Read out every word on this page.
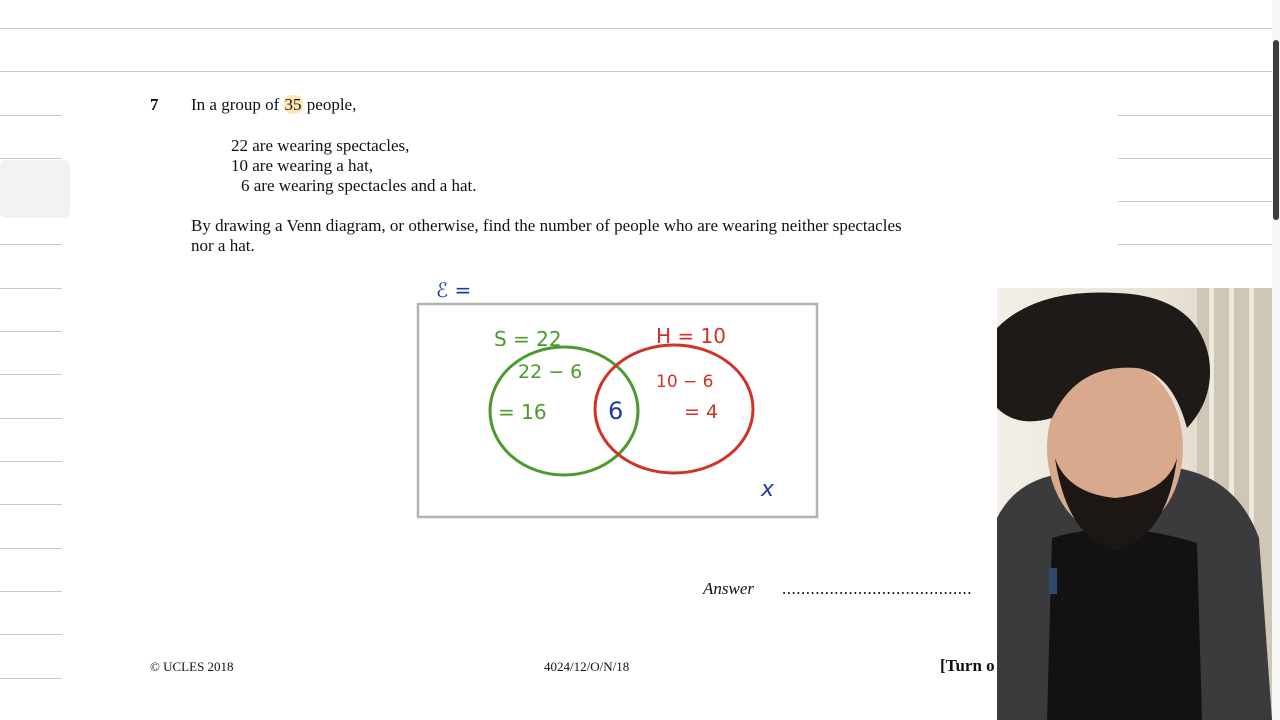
7 In a group of 35 people,
22 are wearing spectacles,
10 are wearing a hat,
6 are wearing spectacles and a hat.
By drawing a Venn diagram, or otherwise, find the number of people who are wearing neither spectacles
nor a hat.
ℰ =
S = 22
22 − 6
= 16
H = 10
10 − 6
= 4
6
x
Answer ........................................
© UCLES 2018	4024/12/O/N/18	[Turn o
